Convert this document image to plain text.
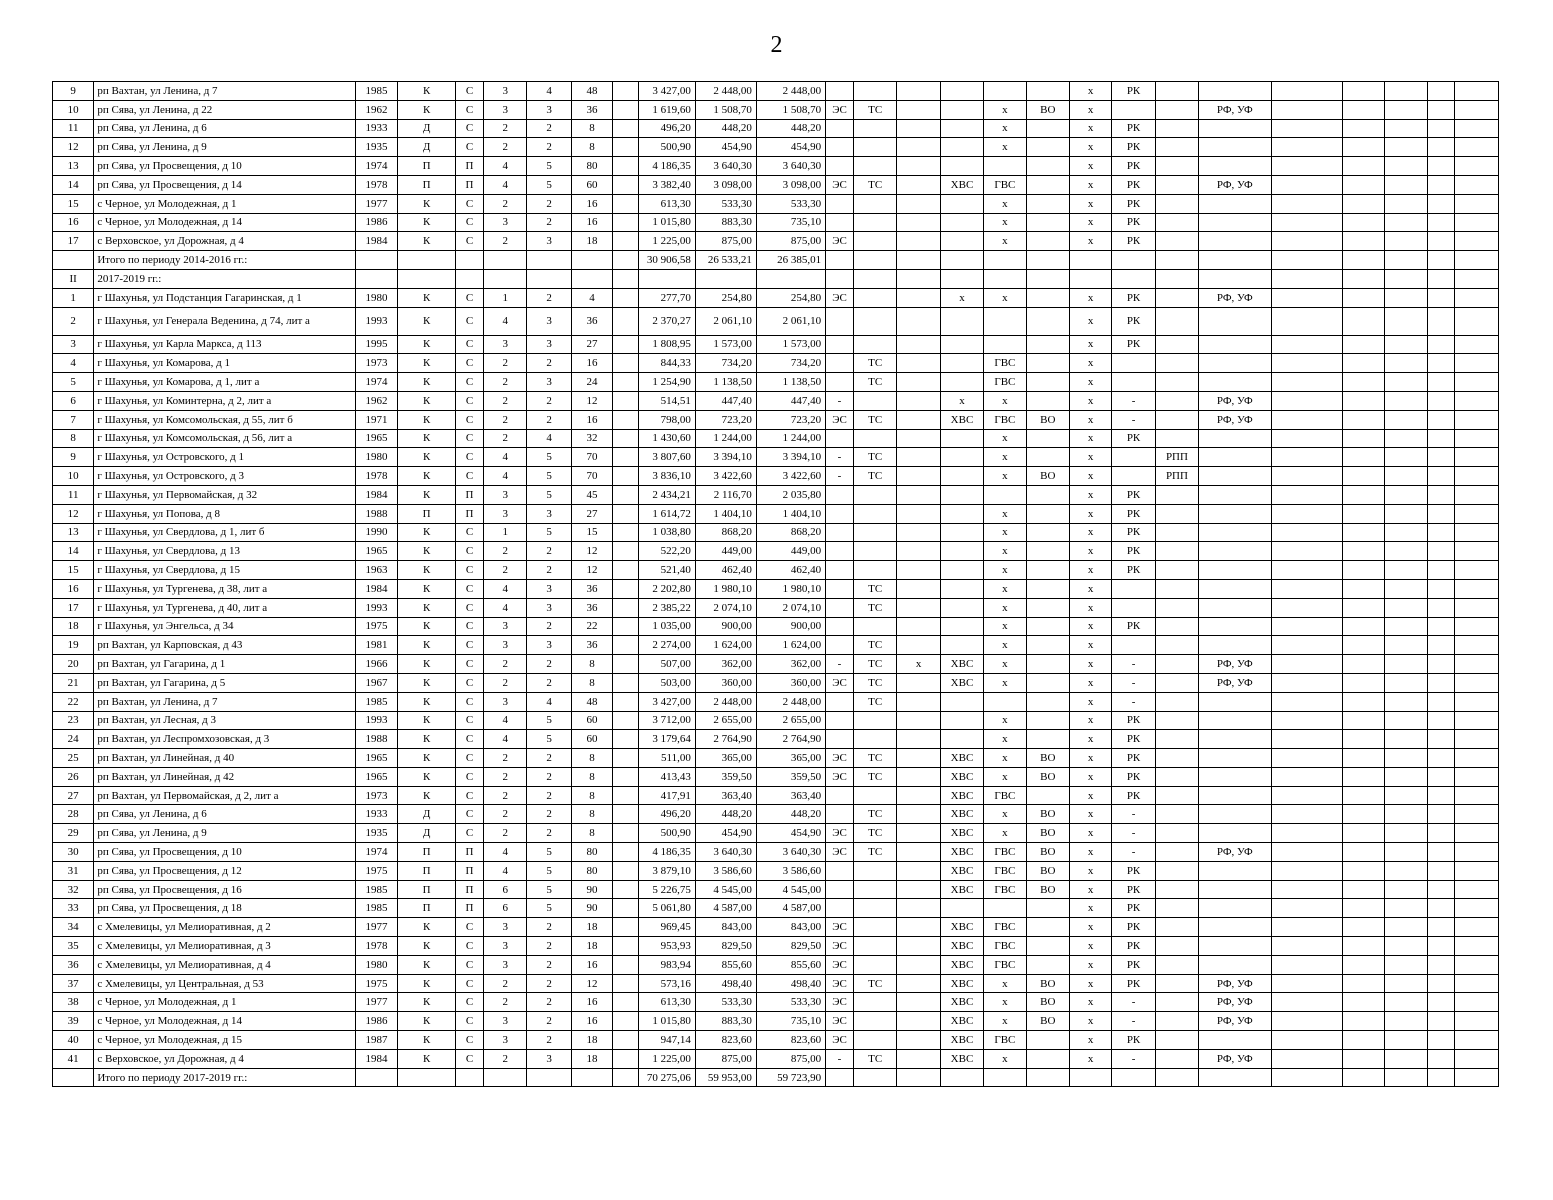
2
9	рп Вахтан, ул Ленина, д 7	1985	К	С	3	4	48		3 427,00	2 448,00	2 448,00							х	РК							
10	рп Сява, ул Ленина, д 22	1962	К	С	3	3	36		1 619,60	1 508,70	1 508,70	ЭС	ТС			х	ВО	х			РФ, УФ					
11	рп Сява, ул Ленина, д 6	1933	Д	С	2	2	8		496,20	448,20	448,20					х		х	РК							
12	рп Сява, ул Ленина, д 9	1935	Д	С	2	2	8		500,90	454,90	454,90					х		х	РК							
13	рп Сява, ул Просвещения, д 10	1974	П	П	4	5	80		4 186,35	3 640,30	3 640,30							х	РК							
14	рп Сява, ул Просвещения, д 14	1978	П	П	4	5	60		3 382,40	3 098,00	3 098,00	ЭС	ТС		ХВС	ГВС		х	РК		РФ, УФ					
15	с Черное, ул Молодежная, д 1	1977	К	С	2	2	16		613,30	533,30	533,30					х		х	РК							
16	с Черное, ул Молодежная, д 14	1986	К	С	3	2	16		1 015,80	883,30	735,10					х		х	РК							
17	с Верховское, ул Дорожная, д 4	1984	К	С	2	3	18		1 225,00	875,00	875,00	ЭС				х		х	РК							
	Итого по периоду 2014-2016 гг.:								30 906,58	26 533,21	26 385,01															
II	2017-2019 гг.:																									
1	г Шахунья, ул Подстанция Гагаринская, д 1	1980	К	С	1	2	4		277,70	254,80	254,80	ЭС			х	х		х	РК		РФ, УФ					
2	г Шахунья, ул Генерала Веденина, д 74, лит а	1993	К	С	4	3	36		2 370,27	2 061,10	2 061,10							х	РК							
3	г Шахунья, ул Карла Маркса, д 113	1995	К	С	3	3	27		1 808,95	1 573,00	1 573,00							х	РК							
4	г Шахунья, ул Комарова, д 1	1973	К	С	2	2	16		844,33	734,20	734,20		ТС			ГВС		х								
5	г Шахунья, ул Комарова, д 1, лит а	1974	К	С	2	3	24		1 254,90	1 138,50	1 138,50		ТС			ГВС		х								
6	г Шахунья, ул Коминтерна, д 2, лит а	1962	К	С	2	2	12		514,51	447,40	447,40	-			х	х		х	-		РФ, УФ					
7	г Шахунья, ул Комсомольская, д 55, лит б	1971	К	С	2	2	16		798,00	723,20	723,20	ЭС	ТС		ХВС	ГВС	ВО	х	-		РФ, УФ					
8	г Шахунья, ул Комсомольская, д 56, лит а	1965	К	С	2	4	32		1 430,60	1 244,00	1 244,00					х		х	РК							
9	г Шахунья, ул Островского, д 1	1980	К	С	4	5	70		3 807,60	3 394,10	3 394,10	-	ТС			х		х		РПП						
10	г Шахунья, ул Островского, д 3	1978	К	С	4	5	70		3 836,10	3 422,60	3 422,60	-	ТС			х	ВО	х		РПП						
11	г Шахунья, ул Первомайская, д 32	1984	К	П	3	5	45		2 434,21	2 116,70	2 035,80							х	РК							
12	г Шахунья, ул Попова, д 8	1988	П	П	3	3	27		1 614,72	1 404,10	1 404,10					х		х	РК							
13	г Шахунья, ул Свердлова, д 1, лит б	1990	К	С	1	5	15		1 038,80	868,20	868,20					х		х	РК							
14	г Шахунья, ул Свердлова, д 13	1965	К	С	2	2	12		522,20	449,00	449,00					х		х	РК							
15	г Шахунья, ул Свердлова, д 15	1963	К	С	2	2	12		521,40	462,40	462,40					х		х	РК							
16	г Шахунья, ул Тургенева, д 38, лит а	1984	К	С	4	3	36		2 202,80	1 980,10	1 980,10		ТС			х		х								
17	г Шахунья, ул Тургенева, д 40, лит а	1993	К	С	4	3	36		2 385,22	2 074,10	2 074,10		ТС			х		х								
18	г Шахунья, ул Энгельса, д 34	1975	К	С	3	2	22		1 035,00	900,00	900,00					х		х	РК							
19	рп Вахтан, ул Карповская, д 43	1981	К	С	3	3	36		2 274,00	1 624,00	1 624,00		ТС			х		х								
20	рп Вахтан, ул Гагарина, д 1	1966	К	С	2	2	8		507,00	362,00	362,00	-	ТС	х	ХВС	х		х	-		РФ, УФ					
21	рп Вахтан, ул Гагарина, д 5	1967	К	С	2	2	8		503,00	360,00	360,00	ЭС	ТС		ХВС	х		х	-		РФ, УФ					
22	рп Вахтан, ул Ленина, д 7	1985	К	С	3	4	48		3 427,00	2 448,00	2 448,00		ТС					х	-							
23	рп Вахтан, ул Лесная, д 3	1993	К	С	4	5	60		3 712,00	2 655,00	2 655,00					х		х	РК							
24	рп Вахтан, ул Леспромхозовская, д 3	1988	К	С	4	5	60		3 179,64	2 764,90	2 764,90					х		х	РК							
25	рп Вахтан, ул Линейная, д 40	1965	К	С	2	2	8		511,00	365,00	365,00	ЭС	ТС		ХВС	х	ВО	х	РК							
26	рп Вахтан, ул Линейная, д 42	1965	К	С	2	2	8		413,43	359,50	359,50	ЭС	ТС		ХВС	х	ВО	х	РК							
27	рп Вахтан, ул Первомайская, д 2, лит а	1973	К	С	2	2	8		417,91	363,40	363,40				ХВС	ГВС		х	РК							
28	рп Сява, ул Ленина, д 6	1933	Д	С	2	2	8		496,20	448,20	448,20		ТС		ХВС	х	ВО	х	-							
29	рп Сява, ул Ленина, д 9	1935	Д	С	2	2	8		500,90	454,90	454,90	ЭС	ТС		ХВС	х	ВО	х	-							
30	рп Сява, ул Просвещения, д 10	1974	П	П	4	5	80		4 186,35	3 640,30	3 640,30	ЭС	ТС		ХВС	ГВС	ВО	х	-		РФ, УФ					
31	рп Сява, ул Просвещения, д 12	1975	П	П	4	5	80		3 879,10	3 586,60	3 586,60				ХВС	ГВС	ВО	х	РК							
32	рп Сява, ул Просвещения, д 16	1985	П	П	6	5	90		5 226,75	4 545,00	4 545,00				ХВС	ГВС	ВО	х	РК							
33	рп Сява, ул Просвещения, д 18	1985	П	П	6	5	90		5 061,80	4 587,00	4 587,00							х	РК							
34	с Хмелевицы, ул Мелиоративная, д 2	1977	К	С	3	2	18		969,45	843,00	843,00	ЭС			ХВС	ГВС		х	РК							
35	с Хмелевицы, ул Мелиоративная, д 3	1978	К	С	3	2	18		953,93	829,50	829,50	ЭС			ХВС	ГВС		х	РК							
36	с Хмелевицы, ул Мелиоративная, д 4	1980	К	С	3	2	16		983,94	855,60	855,60	ЭС			ХВС	ГВС		х	РК							
37	с Хмелевицы, ул Центральная, д 53	1975	К	С	2	2	12		573,16	498,40	498,40	ЭС	ТС		ХВС	х	ВО	х	РК		РФ, УФ					
38	с Черное, ул Молодежная, д 1	1977	К	С	2	2	16		613,30	533,30	533,30	ЭС			ХВС	х	ВО	х	-		РФ, УФ					
39	с Черное, ул Молодежная, д 14	1986	К	С	3	2	16		1 015,80	883,30	735,10	ЭС			ХВС	х	ВО	х	-		РФ, УФ					
40	с Черное, ул Молодежная, д 15	1987	К	С	3	2	18		947,14	823,60	823,60	ЭС			ХВС	ГВС		х	РК							
41	с Верховское, ул Дорожная, д 4	1984	К	С	2	3	18		1 225,00	875,00	875,00	-	ТС		ХВС	х		х	-		РФ, УФ					
	Итого по периоду 2017-2019 гг.:								70 275,06	59 953,00	59 723,90															
